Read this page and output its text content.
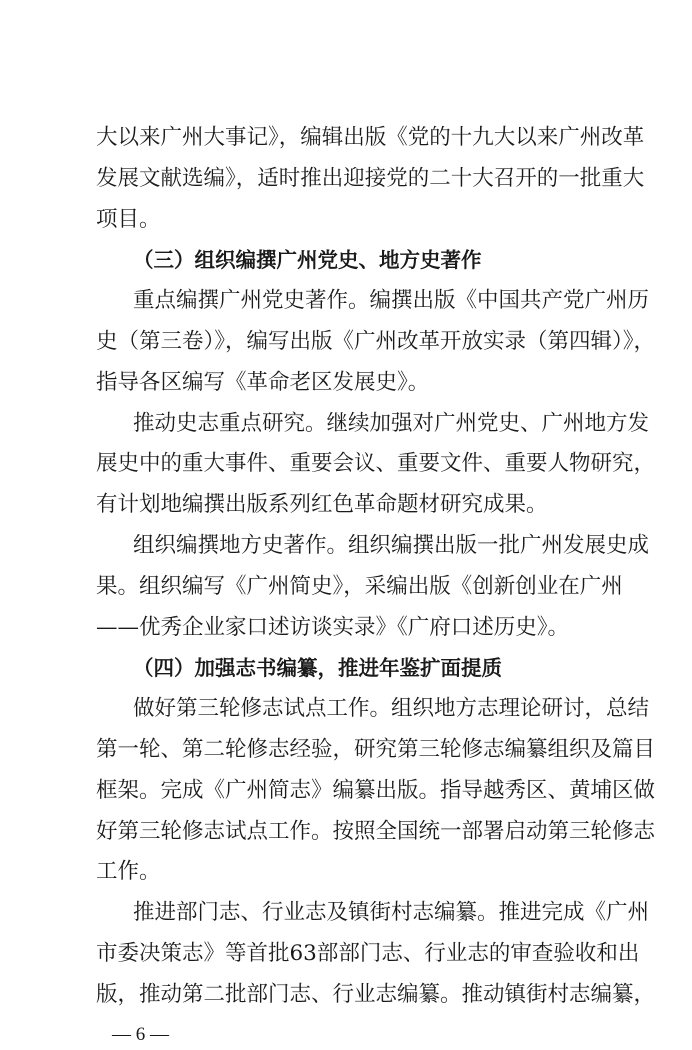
— 6 —
大以来广州大事记》，编辑出版《党的十九大以来广州改革
发展文献选编》，适时推出迎接党的二十大召开的一批重大
项目。
（三）组织编撰广州党史、地方史著作
重点编撰广州党史著作。编撰出版《中国共产党广州历
史（第三卷）》，编写出版《广州改革开放实录（第四辑）》，
指导各区编写《革命老区发展史》。
推动史志重点研究。继续加强对广州党史、广州地方发
展史中的重大事件、重要会议、重要文件、重要人物研究，
有计划地编撰出版系列红色革命题材研究成果。
组织编撰地方史著作。组织编撰出版一批广州发展史成
果。组织编写《广州简史》，采编出版《创新创业在广州
——优秀企业家口述访谈实录》《广府口述历史》。
（四）加强志书编纂，推进年鉴扩面提质
做好第三轮修志试点工作。组织地方志理论研讨，总结
第一轮、第二轮修志经验，研究第三轮修志编纂组织及篇目
框架。完成《广州简志》编纂出版。指导越秀区、黄埔区做
好第三轮修志试点工作。按照全国统一部署启动第三轮修志
工作。
推进部门志、行业志及镇街村志编纂。推进完成《广州
市委决策志》等首批63部部门志、行业志的审查验收和出
版，推动第二批部门志、行业志编纂。推动镇街村志编纂，
